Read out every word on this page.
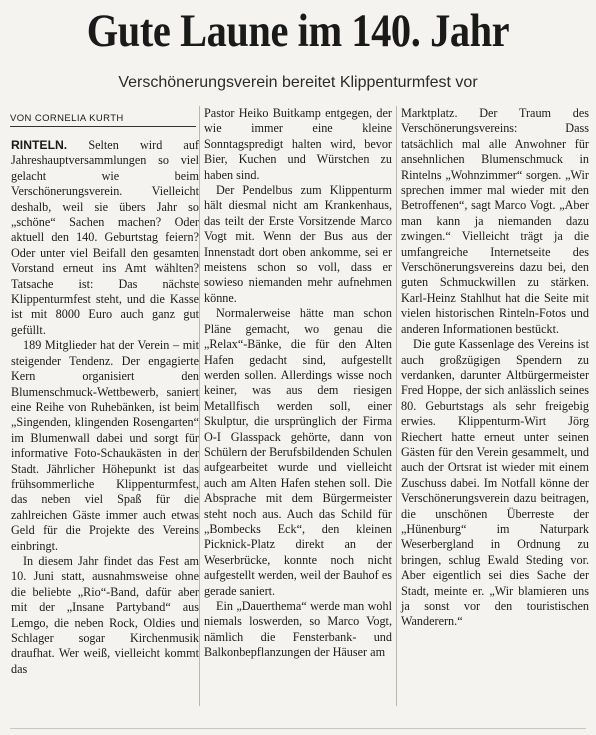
Gute Laune im 140. Jahr
Verschönerungsverein bereitet Klippenturmfest vor
VON CORNELIA KURTH

RINTELN. Selten wird auf Jahreshauptversammlungen so viel gelacht wie beim Verschönerungsverein. Vielleicht deshalb, weil sie übers Jahr so „schöne“ Sachen machen? Oder aktuell den 140. Geburtstag feiern? Oder unter viel Beifall den gesamten Vorstand erneut ins Amt wählten? Tatsache ist: Das nächste Klippenturmfest steht, und die Kasse ist mit 8000 Euro auch ganz gut gefüllt.

189 Mitglieder hat der Verein – mit steigender Tendenz. Der engagierte Kern organisiert den Blumenschmuck-Wettbewerb, saniert eine Reihe von Ruhebänken, ist beim „Singenden, klingenden Rosengarten“ im Blumenwall dabei und sorgt für informative Foto-Schaukästen in der Stadt. Jährlicher Höhepunkt ist das frühsommerliche Klippenturmfest, das neben viel Spaß für die zahlreichen Gäste immer auch etwas Geld für die Projekte des Vereins einbringt.

In diesem Jahr findet das Fest am 10. Juni statt, ausnahmsweise ohne die beliebte „Rio“-Band, dafür aber mit der „Insane Partyband“ aus Lemgo, die neben Rock, Oldies und Schlager sogar Kirchenmusik draufhat. Wer weiß, vielleicht kommt das

Pastor Heiko Buitkamp entgegen, der wie immer eine kleine Sonntagspredigt halten wird, bevor Bier, Kuchen und Würstchen zu haben sind.

Der Pendelbus zum Klippenturm hält diesmal nicht am Krankenhaus, das teilt der Erste Vorsitzende Marco Vogt mit. Wenn der Bus aus der Innenstadt dort oben ankomme, sei er meistens schon so voll, dass er sowieso niemanden mehr aufnehmen könne.

Normalerweise hätte man schon Pläne gemacht, wo genau die „Relax“-Bänke, die für den Alten Hafen gedacht sind, aufgestellt werden sollen. Allerdings wisse noch keiner, was aus dem riesigen Metallfisch werden soll, einer Skulptur, die ursprünglich der Firma O-I Glasspack gehörte, dann von Schülern der Berufsbildenden Schulen aufgearbeitet wurde und vielleicht auch am Alten Hafen stehen soll. Die Absprache mit dem Bürgermeister steht noch aus. Auch das Schild für „Bombecks Eck“, den kleinen Picknick-Platz direkt an der Weserbrücke, konnte noch nicht aufgestellt werden, weil der Bauhof es gerade saniert.

Ein „Dauerthema“ werde man wohl niemals loswerden, so Marco Vogt, nämlich die Fensterbank- und Balkonbepflanzungen der Häuser am

Marktplatz. Der Traum des Verschönerungsvereins: Dass tatsächlich mal alle Anwohner für ansehnlichen Blumenschmuck in Rintelns „Wohnzimmer“ sorgen. „Wir sprechen immer mal wieder mit den Betroffenen“, sagt Marco Vogt. „Aber man kann ja niemanden dazu zwingen.“ Vielleicht trägt ja die umfangreiche Internetseite des Verschönerungsvereins dazu bei, den guten Schmuckwillen zu stärken. Karl-Heinz Stahlhut hat die Seite mit vielen historischen Rinteln-Fotos und anderen Informationen bestückt.

Die gute Kassenlage des Vereins ist auch großzügigen Spendern zu verdanken, darunter Altbürgermeister Fred Hoppe, der sich anlässlich seines 80. Geburtstags als sehr freigebig erwies. Klippenturm-Wirt Jörg Riechert hatte erneut unter seinen Gästen für den Verein gesammelt, und auch der Ortsrat ist wieder mit einem Zuschuss dabei. Im Notfall könne der Verschönerungsverein dazu beitragen, die unschönen Überreste der „Hünenburg“ im Naturpark Weserbergland in Ordnung zu bringen, schlug Ewald Steding vor. Aber eigentlich sei dies Sache der Stadt, meinte er. „Wir blamieren uns ja sonst vor den touristischen Wanderern.“
